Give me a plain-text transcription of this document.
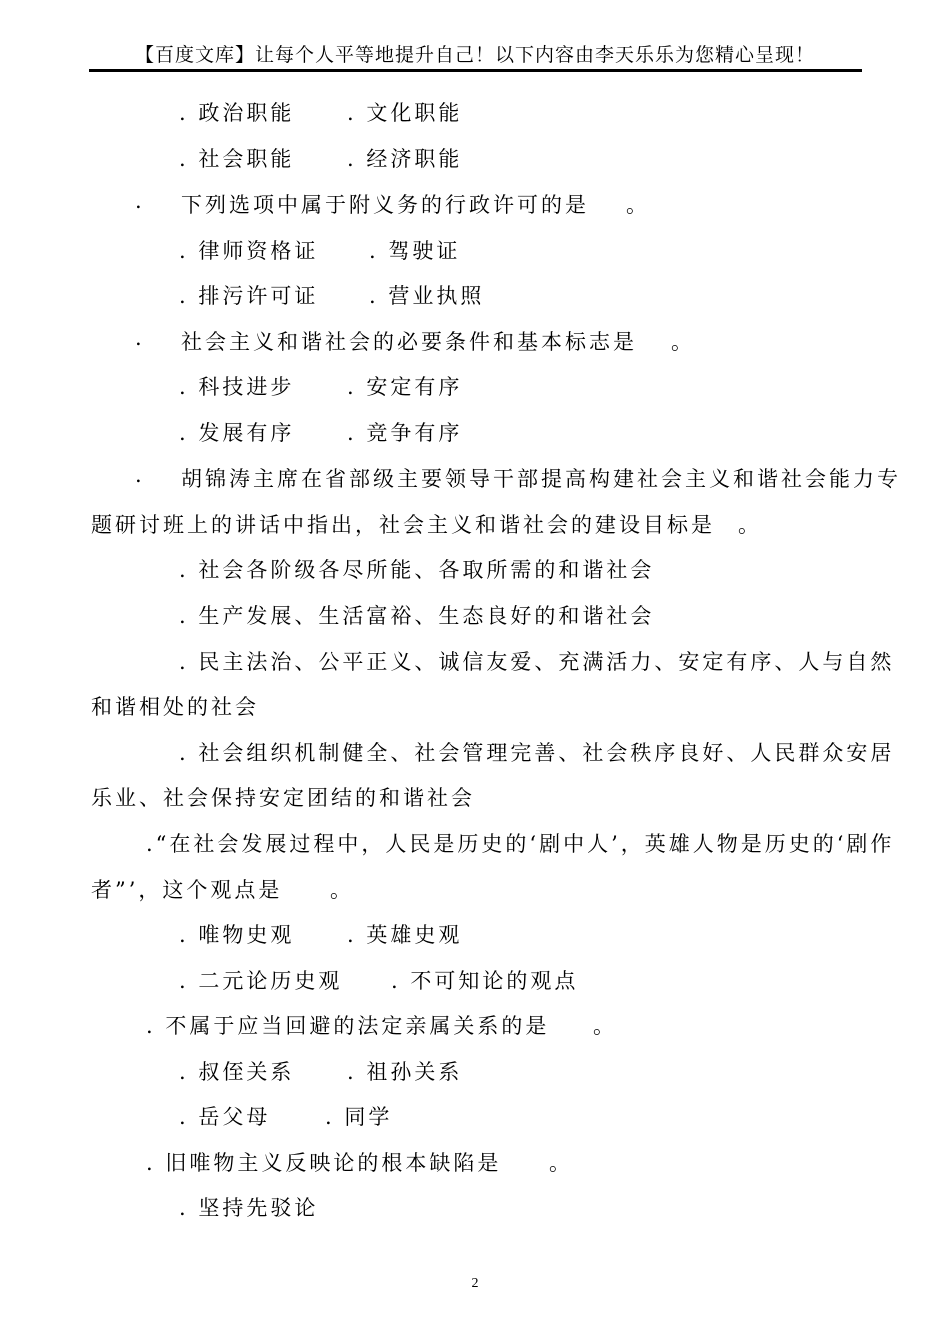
【百度文库】让每个人平等地提升自己！以下内容由李天乐乐为您精心呈现！
. 政治职能	. 文化职能
. 社会职能	. 经济职能
. 下列选项中属于附义务的行政许可的是 。
. 律师资格证 . 驾驶证
. 排污许可证 . 营业执照
. 社会主义和谐社会的必要条件和基本标志是 。
. 科技进步	. 安定有序
. 发展有序	. 竞争有序
. 胡锦涛主席在省部级主要领导干部提高构建社会主义和谐社会能力专
题研讨班上的讲话中指出，社会主义和谐社会的建设目标是 。
. 社会各阶级各尽所能、各取所需的和谐社会
. 生产发展、生活富裕、生态良好的和谐社会
. 民主法治、公平正义、诚信友爱、充满活力、安定有序、人与自然
和谐相处的社会
. 社会组织机制健全、社会管理完善、社会秩序良好、人民群众安居
乐业、社会保持安定团结的和谐社会
.“在社会发展过程中，人民是历史的‘剧中人’，英雄人物是历史的‘剧作
者”’，这个观点是 。
. 唯物史观	. 英雄史观
. 二元论历史观 . 不可知论的观点
. 不属于应当回避的法定亲属关系的是 。
. 叔侄关系	. 祖孙关系
. 岳父母	. 同学
. 旧唯物主义反映论的根本缺陷是 。
. 坚持先驳论
2
